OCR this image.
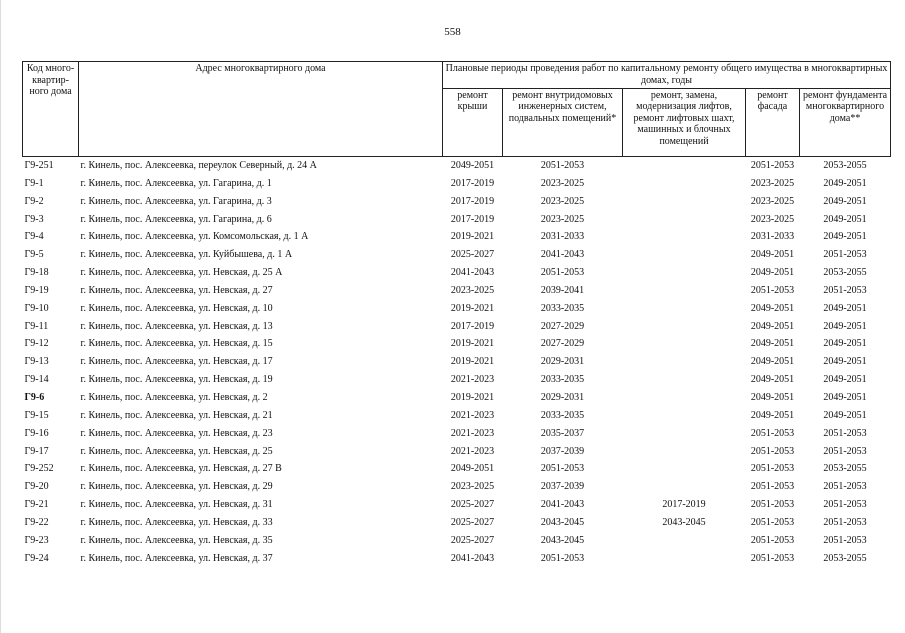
558
Код много-квартир-ного дома	Адрес многоквартирного дома	Плановые периоды проведения работ по капитальному ремонту общего имущества в многоквартирных домах, годы				
		ремонт крыши	ремонт внутридомовых инженерных систем, подвальных помещений*	ремонт, замена, модернизация лифтов, ремонт лифтовых шахт, машинных и блочных помещений	ремонт фасада	ремонт фундамента многоквартирного дома**
Г9-251	г. Кинель, пос. Алексеевка, переулок Северный, д. 24 А	2049-2051	2051-2053		2051-2053	2053-2055
Г9-1	г. Кинель, пос. Алексеевка, ул. Гагарина, д. 1	2017-2019	2023-2025		2023-2025	2049-2051
Г9-2	г. Кинель, пос. Алексеевка, ул. Гагарина, д. 3	2017-2019	2023-2025		2023-2025	2049-2051
Г9-3	г. Кинель, пос. Алексеевка, ул. Гагарина, д. 6	2017-2019	2023-2025		2023-2025	2049-2051
Г9-4	г. Кинель, пос. Алексеевка, ул. Комсомольская, д. 1 А	2019-2021	2031-2033		2031-2033	2049-2051
Г9-5	г. Кинель, пос. Алексеевка, ул. Куйбышева, д. 1 А	2025-2027	2041-2043		2049-2051	2051-2053
Г9-18	г. Кинель, пос. Алексеевка, ул. Невская, д. 25 А	2041-2043	2051-2053		2049-2051	2053-2055
Г9-19	г. Кинель, пос. Алексеевка, ул. Невская, д. 27	2023-2025	2039-2041		2051-2053	2051-2053
Г9-10	г. Кинель, пос. Алексеевка, ул. Невская, д. 10	2019-2021	2033-2035		2049-2051	2049-2051
Г9-11	г. Кинель, пос. Алексеевка, ул. Невская, д. 13	2017-2019	2027-2029		2049-2051	2049-2051
Г9-12	г. Кинель, пос. Алексеевка, ул. Невская, д. 15	2019-2021	2027-2029		2049-2051	2049-2051
Г9-13	г. Кинель, пос. Алексеевка, ул. Невская, д. 17	2019-2021	2029-2031		2049-2051	2049-2051
Г9-14	г. Кинель, пос. Алексеевка, ул. Невская, д. 19	2021-2023	2033-2035		2049-2051	2049-2051
Г9-6	г. Кинель, пос. Алексеевка, ул. Невская, д. 2	2019-2021	2029-2031		2049-2051	2049-2051
Г9-15	г. Кинель, пос. Алексеевка, ул. Невская, д. 21	2021-2023	2033-2035		2049-2051	2049-2051
Г9-16	г. Кинель, пос. Алексеевка, ул. Невская, д. 23	2021-2023	2035-2037		2051-2053	2051-2053
Г9-17	г. Кинель, пос. Алексеевка, ул. Невская, д. 25	2021-2023	2037-2039		2051-2053	2051-2053
Г9-252	г. Кинель, пос. Алексеевка, ул. Невская, д. 27 В	2049-2051	2051-2053		2051-2053	2053-2055
Г9-20	г. Кинель, пос. Алексеевка, ул. Невская, д. 29	2023-2025	2037-2039		2051-2053	2051-2053
Г9-21	г. Кинель, пос. Алексеевка, ул. Невская, д. 31	2025-2027	2041-2043	2017-2019	2051-2053	2051-2053
Г9-22	г. Кинель, пос. Алексеевка, ул. Невская, д. 33	2025-2027	2043-2045	2043-2045	2051-2053	2051-2053
Г9-23	г. Кинель, пос. Алексеевка, ул. Невская, д. 35	2025-2027	2043-2045		2051-2053	2051-2053
Г9-24	г. Кинель, пос. Алексеевка, ул. Невская, д. 37	2041-2043	2051-2053		2051-2053	2053-2055
